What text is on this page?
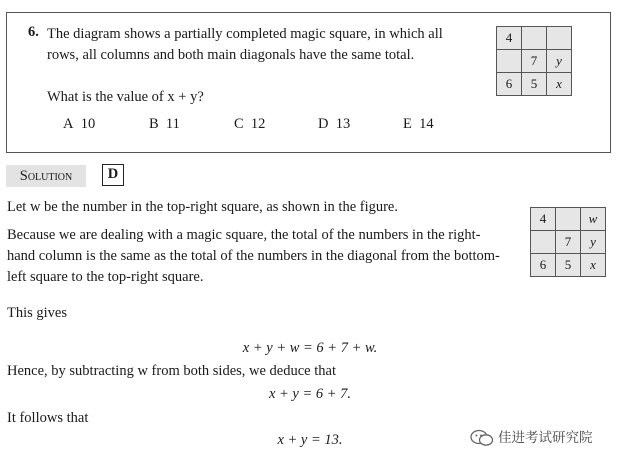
6. The diagram shows a partially completed magic square, in which all rows, all columns and both main diagonals have the same total.
What is the value of x + y?
A 10	B 11	C 12	D 13	E 14
4		
	7	y
6	5	x
Solution	D
Let w be the number in the top-right square, as shown in the figure.
Because we are dealing with a magic square, the total of the numbers in the right-hand column is the same as the total of the numbers in the diagonal from the bottom-left square to the top-right square.
4		w
	7	y
6	5	x
This gives
x + y + w = 6 + 7 + w.
Hence, by subtracting w from both sides, we deduce that
x + y = 6 + 7.
It follows that
x + y = 13.	佳进考试研究院
